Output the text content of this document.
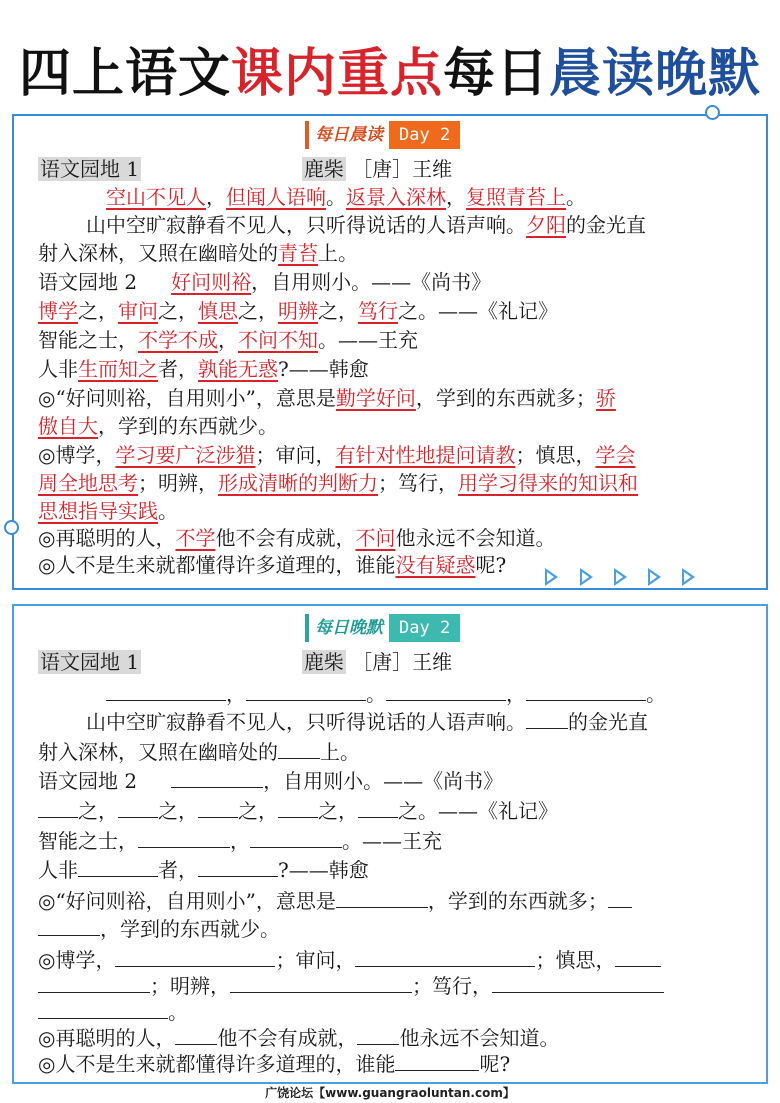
四上语文课内重点每日晨读晚默
每日晨读 Day 2
语文园地 1	鹿柴 ［唐］王维
空山不见人，但闻人语响。返景入深林，复照青苔上。
山中空旷寂静看不见人，只听得说话的人语声响。夕阳的金光直
射入深林，又照在幽暗处的青苔上。
语文园地 2 好问则裕，自用则小。——《尚书》
博学之，审问之，慎思之，明辨之，笃行之。——《礼记》
智能之士，不学不成，不问不知。——王充
人非生而知之者，孰能无惑?——韩愈
◎“好问则裕，自用则小”，意思是勤学好问，学到的东西就多；骄
傲自大，学到的东西就少。
◎博学，学习要广泛涉猎；审问，有针对性地提问请教；慎思，学会
周全地思考；明辨，形成清晰的判断力；笃行，用学习得来的知识和
思想指导实践。
◎再聪明的人，不学他不会有成就，不问他永远不会知道。
◎人不是生来就都懂得许多道理的，谁能没有疑惑呢?
每日晚默 Day 2
语文园地 1	鹿柴 ［唐］王维
，	。	，	。
山中空旷寂静看不见人，只听得说话的人语声响。 的金光直
射入深林，又照在幽暗处的 上。
语文园地 2	，自用则小。——《尚书》
之， 之， 之， 之， 之。——《礼记》
智能之士，	，	。——王充
人非	者，	?——韩愈
◎“好问则裕，自用则小”，意思是	，学到的东西就多；
，学到的东西就少。
◎博学，	；审问，	；慎思，
；明辨，	；笃行，
。
◎再聪明的人， 他不会有成就， 他永远不会知道。
◎人不是生来就都懂得许多道理的，谁能	呢?
广饶论坛【www.guangraoluntan.com】
